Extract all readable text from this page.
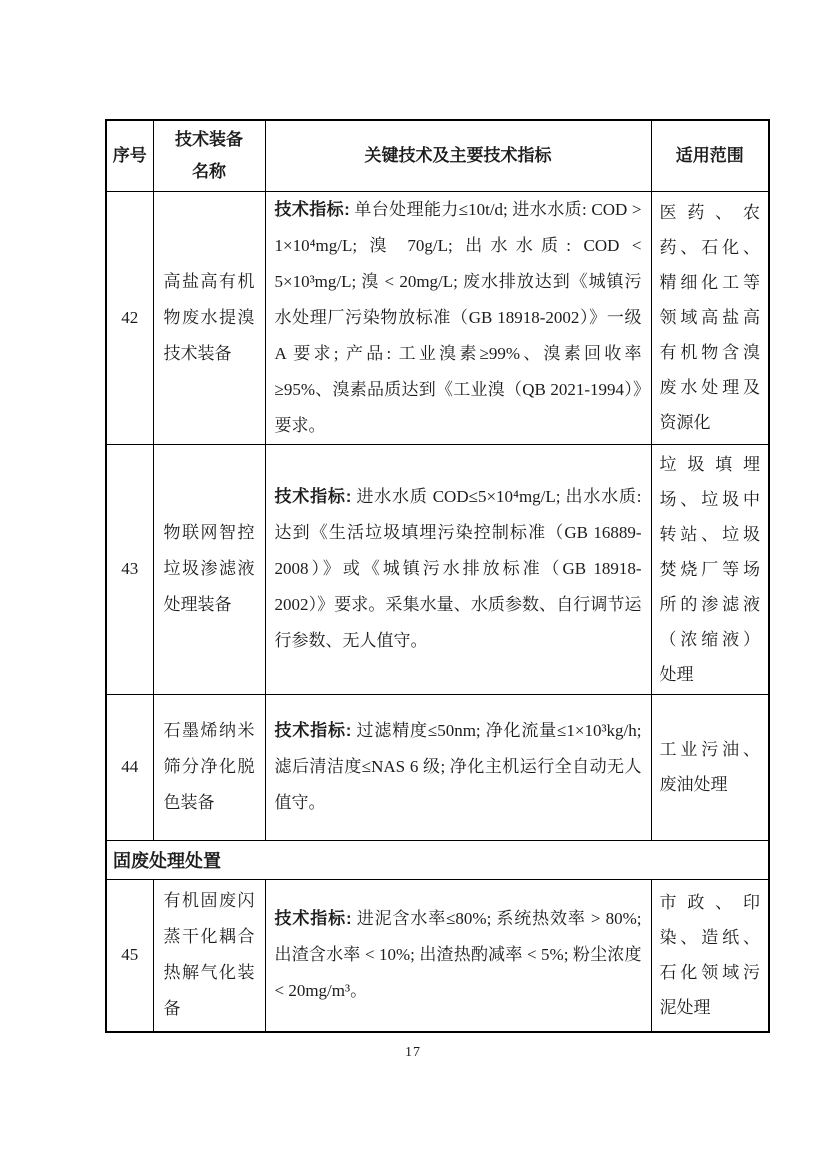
序号	技术装备名称	关键技术及主要技术指标	适用范围
42	高盐高有机物废水提溴技术装备	技术指标: 单台处理能力≤10t/d; 进水水质: COD > 1×10⁴mg/L; 溴 70g/L; 出水水质: COD < 5×10³mg/L; 溴 < 20mg/L; 废水排放达到《城镇污水处理厂污染物放标准（GB 18918-2002）》一级 A 要求; 产品: 工业溴素≥99%、溴素回收率≥95%、溴素品质达到《工业溴（QB 2021-1994）》要求。	医药、农药、石化、精细化工等领域高盐高有机物含溴废水处理及资源化
43	物联网智控垃圾渗滤液处理装备	技术指标: 进水水质 COD≤5×10⁴mg/L; 出水水质: 达到《生活垃圾填埋污染控制标准（GB 16889-2008）》或《城镇污水排放标准（GB 18918-2002）》要求。采集水量、水质参数、自行调节运行参数、无人值守。	垃圾填埋场、垃圾中转站、垃圾焚烧厂等场所的渗滤液（浓缩液）处理
44	石墨烯纳米筛分净化脱色装备	技术指标: 过滤精度≤50nm; 净化流量≤1×10³kg/h; 滤后清洁度≤NAS 6 级; 净化主机运行全自动无人值守。	工业污油、废油处理
固废处理处置			
45	有机固废闪蒸干化耦合热解气化装备	技术指标: 进泥含水率≤80%; 系统热效率 > 80%; 出渣含水率 < 10%; 出渣热酌减率 < 5%; 粉尘浓度 < 20mg/m³。	市政、印染、造纸、石化领域污泥处理
17
